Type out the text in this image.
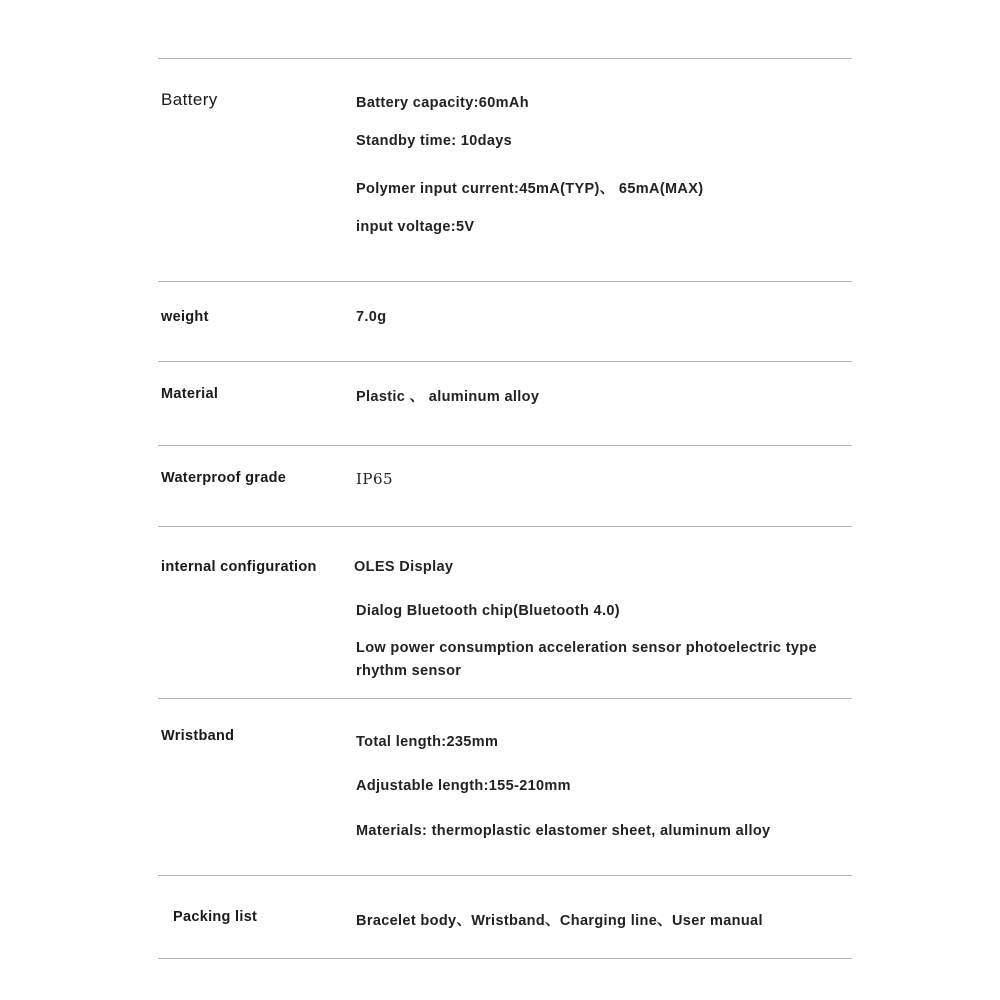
Battery	Battery capacity:60mAh
Standby time: 10days
Polymer input current:45mA(TYP)、 65mA(MAX)
input voltage:5V
weight	7.0g
Material	Plastic 、 aluminum alloy
Waterproof grade	IP65
internal configuration	OLES Display
Dialog Bluetooth chip(Bluetooth 4.0)
Low power consumption acceleration sensor photoelectric type rhythm sensor
Wristband	Total length:235mm
Adjustable length:155-210mm
Materials: thermoplastic elastomer sheet, aluminum alloy
Packing list	Bracelet body、Wristband、Charging line、User manual
